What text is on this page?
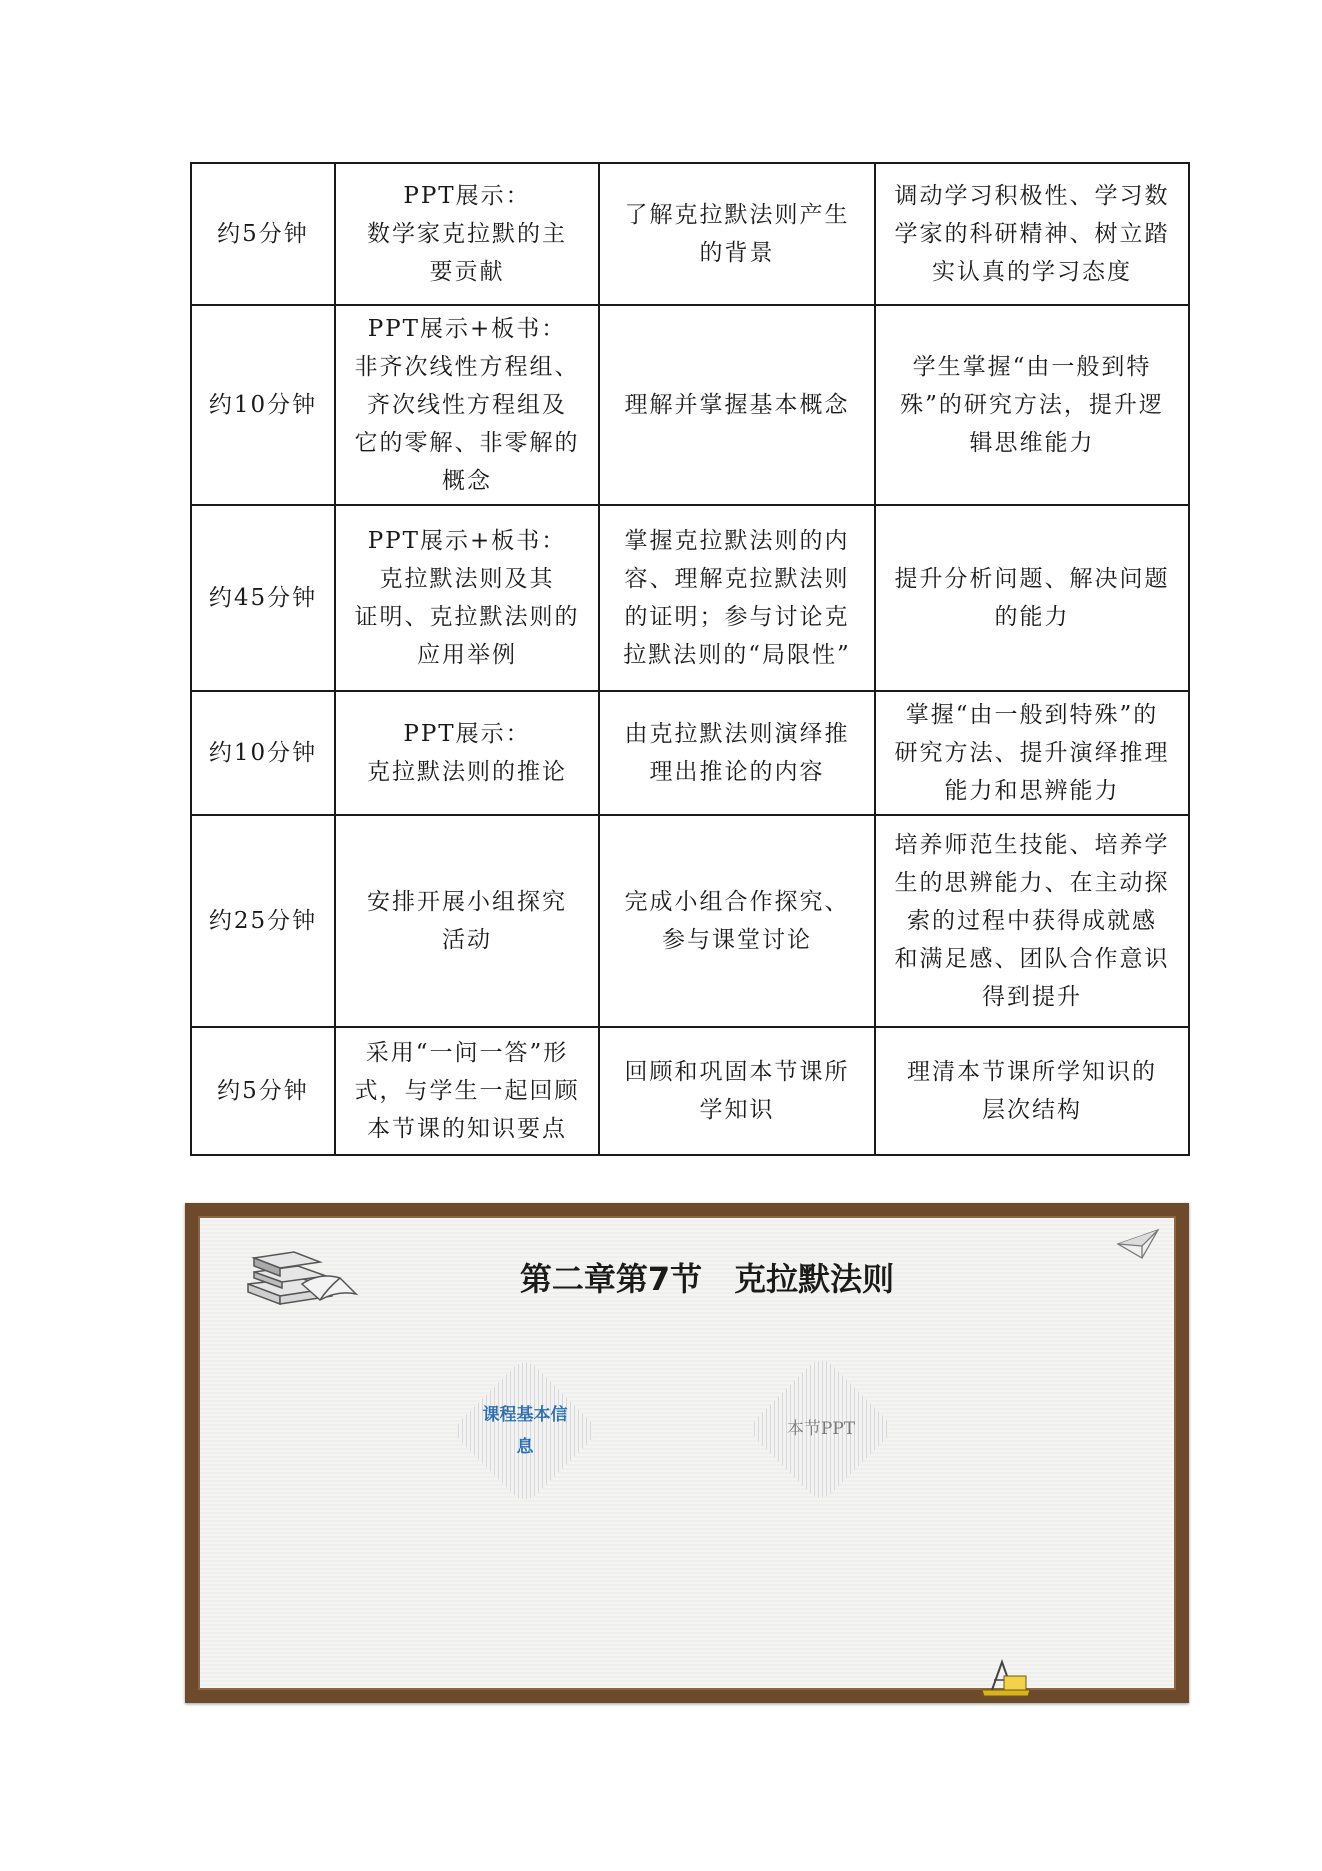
约5分钟	PPT展示：
数学家克拉默的主
要贡献	了解克拉默法则产生
的背景	调动学习积极性、学习数
学家的科研精神、树立踏
实认真的学习态度

约10分钟	PPT展示+板书：
非齐次线性方程组、
齐次线性方程组及
它的零解、非零解的
概念	理解并掌握基本概念	学生掌握“由一般到特
殊”的研究方法，提升逻
辑思维能力

约45分钟	PPT展示+板书：
克拉默法则及其
证明、克拉默法则的
应用举例	掌握克拉默法则的内
容、理解克拉默法则
的证明；参与讨论克
拉默法则的“局限性”	提升分析问题、解决问题
的能力

约10分钟	PPT展示：
克拉默法则的推论	由克拉默法则演绎推
理出推论的内容	掌握“由一般到特殊”的
研究方法、提升演绎推理
能力和思辨能力

约25分钟	安排开展小组探究
活动	完成小组合作探究、
参与课堂讨论	培养师范生技能、培养学
生的思辨能力、在主动探
索的过程中获得成就感
和满足感、团队合作意识
得到提升

约5分钟	采用“一问一答”形
式，与学生一起回顾
本节课的知识要点	回顾和巩固本节课所
学知识	理清本节课所学知识的
层次结构
第二章第7节　克拉默法则
课程基本信息
本节PPT
